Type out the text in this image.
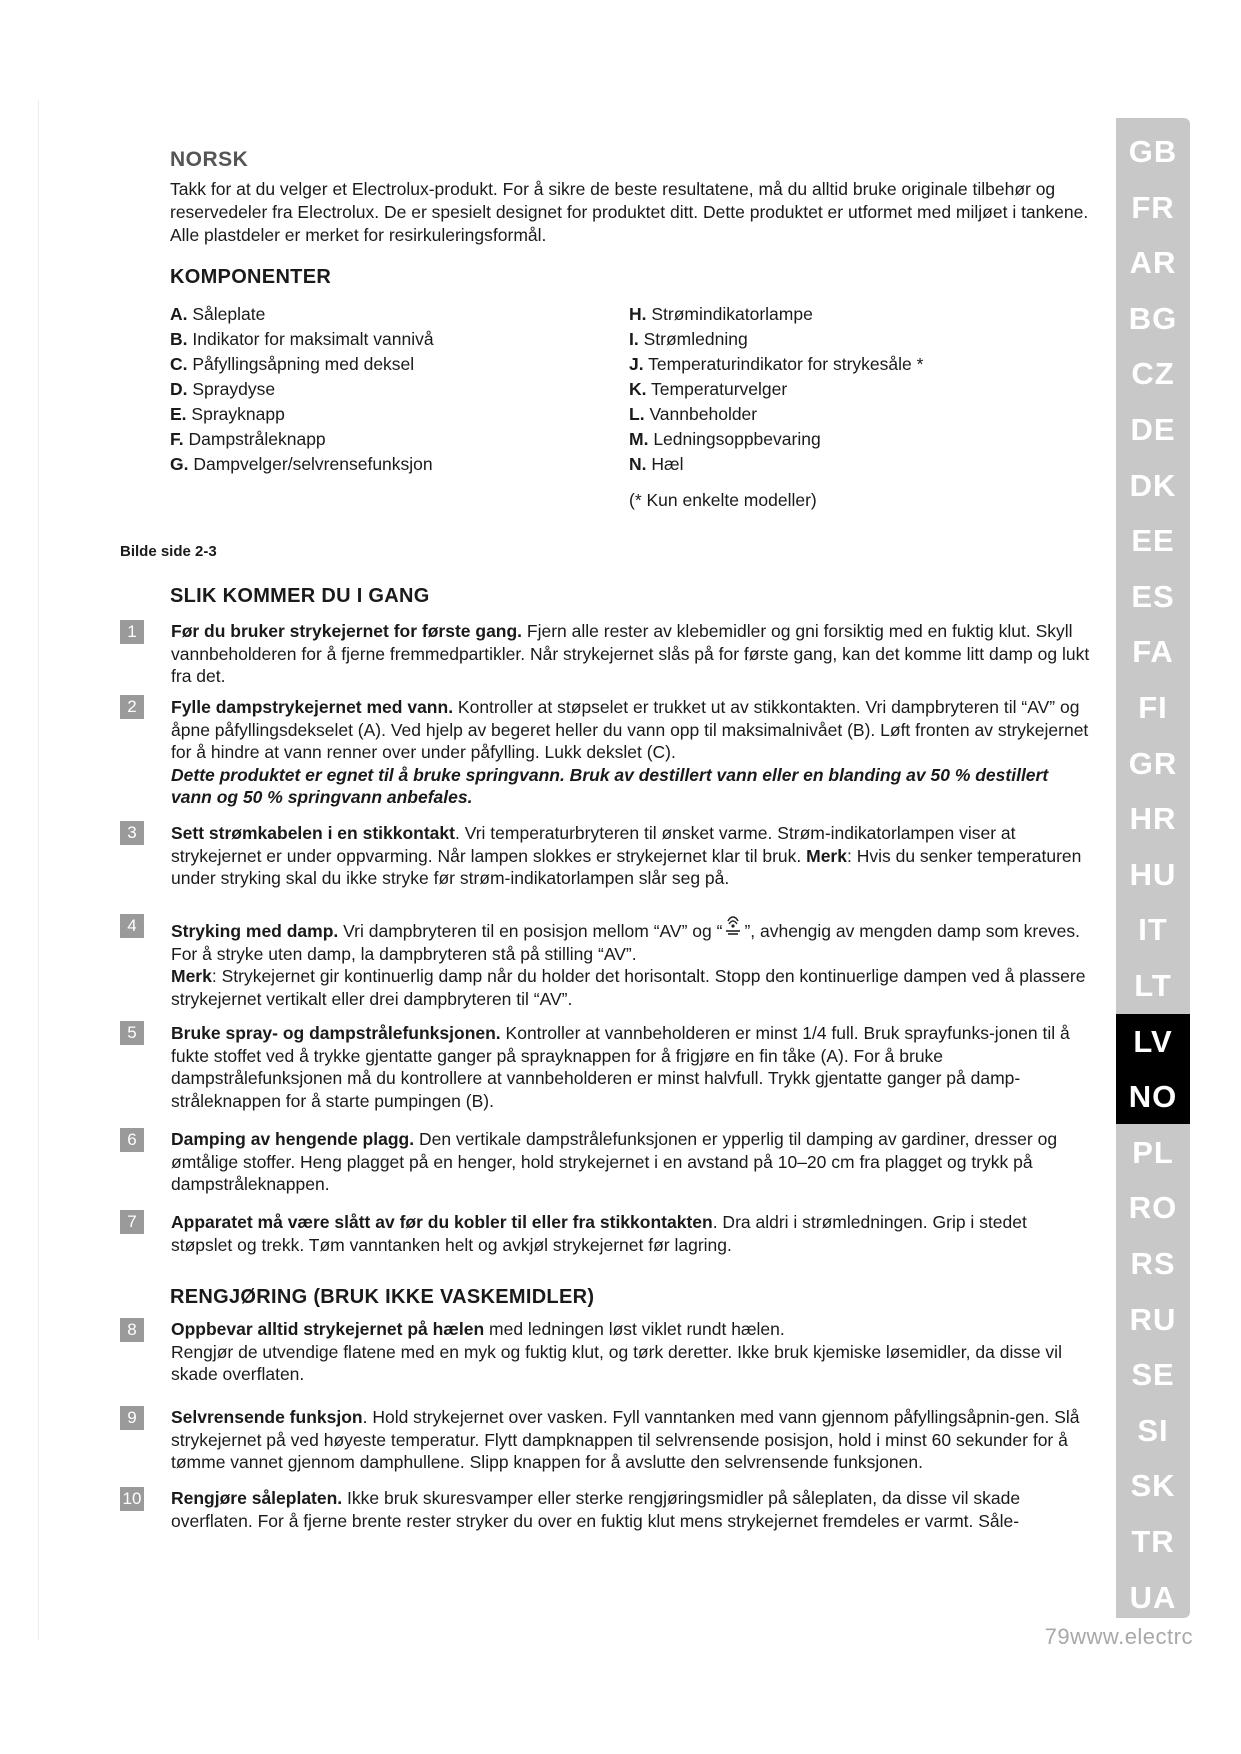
NORSK
Takk for at du velger et Electrolux-produkt. For å sikre de beste resultatene, må du alltid bruke originale tilbehør og reservedeler fra Electrolux. De er spesielt designet for produktet ditt. Dette produktet er utformet med miljøet i tankene. Alle plastdeler er merket for resirkuleringsformål.
KOMPONENTER
A. Såleplate
B. Indikator for maksimalt vannivå
C. Påfyllingsåpning med deksel
D. Spraydyse
E. Sprayknapp
F. Dampstråleknapp
G. Dampvelger/selvrensefunksjon
H. Strømindikatorlampe
I. Strømledning
J. Temperaturindikator for strykesåle *
K. Temperaturvelger
L. Vannbeholder
M. Ledningsoppbevaring
N. Hæl
(* Kun enkelte modeller)
Bilde side 2-3
SLIK KOMMER DU I GANG
1	Før du bruker strykejernet for første gang. Fjern alle rester av klebemidler og gni forsiktig med en fuktig klut. Skyll vannbeholderen for å fjerne fremmedpartikler. Når strykejernet slås på for første gang, kan det komme litt damp og lukt fra det.
2	Fylle dampstrykejernet med vann. Kontroller at støpselet er trukket ut av stikkontakten. Vri dampbryteren til “AV” og åpne påfyllingsdekselet (A). Ved hjelp av begeret heller du vann opp til maksimalnivået (B). Løft fronten av strykejernet for å hindre at vann renner over under påfylling. Lukk dekslet (C).
Dette produktet er egnet til å bruke springvann. Bruk av destillert vann eller en blanding av 50 % destillert vann og 50 % springvann anbefales.
3	Sett strømkabelen i en stikkontakt. Vri temperaturbryteren til ønsket varme. Strøm-indikatorlampen viser at strykejernet er under oppvarming. Når lampen slokkes er strykejernet klar til bruk. Merk: Hvis du senker temperaturen under stryking skal du ikke stryke før strøm-indikatorlampen slår seg på.
4	Stryking med damp. Vri dampbryteren til en posisjon mellom “AV” og “ ”, avhengig av mengden damp som kreves. For å stryke uten damp, la dampbryteren stå på stilling “AV”.
Merk: Strykejernet gir kontinuerlig damp når du holder det horisontalt. Stopp den kontinuerlige dampen ved å plassere strykejernet vertikalt eller drei dampbryteren til “AV”.
5	Bruke spray- og dampstrålefunksjonen. Kontroller at vannbeholderen er minst 1/4 full. Bruk sprayfunks-jonen til å fukte stoffet ved å trykke gjentatte ganger på sprayknappen for å frigjøre en fin tåke (A). For å bruke dampstrålefunksjonen må du kontrollere at vannbeholderen er minst halvfull. Trykk gjentatte ganger på damp-stråleknappen for å starte pumpingen (B).
6	Damping av hengende plagg. Den vertikale dampstrålefunksjonen er ypperlig til damping av gardiner, dresser og ømtålige stoffer. Heng plagget på en henger, hold strykejernet i en avstand på 10–20 cm fra plagget og trykk på dampstråleknappen.
7	Apparatet må være slått av før du kobler til eller fra stikkontakten. Dra aldri i strømledningen. Grip i stedet støpslet og trekk. Tøm vanntanken helt og avkjøl strykejernet før lagring.
RENGJØRING (BRUK IKKE VASKEMIDLER)
8	Oppbevar alltid strykejernet på hælen med ledningen løst viklet rundt hælen.
Rengjør de utvendige flatene med en myk og fuktig klut, og tørk deretter. Ikke bruk kjemiske løsemidler, da disse vil skade overflaten.
9	Selvrensende funksjon. Hold strykejernet over vasken. Fyll vanntanken med vann gjennom påfyllingsåpnin-gen. Slå strykejernet på ved høyeste temperatur. Flytt dampknappen til selvrensende posisjon, hold i minst 60 sekunder for å tømme vannet gjennom damphullene. Slipp knappen for å avslutte den selvrensende funksjonen.
10 Rengjøre såleplaten. Ikke bruk skuresvamper eller sterke rengjøringsmidler på såleplaten, da disse vil skade overflaten. For å fjerne brente rester stryker du over en fuktig klut mens strykejernet fremdeles er varmt. Såle-
GB
FR
AR
BG
CZ
DE
DK
EE
ES
FA
FI
GR
HR
HU
IT
LT
LV
NO
PL
RO
RS
RU
SE
SI
SK
TR
UA
79www.electrc
